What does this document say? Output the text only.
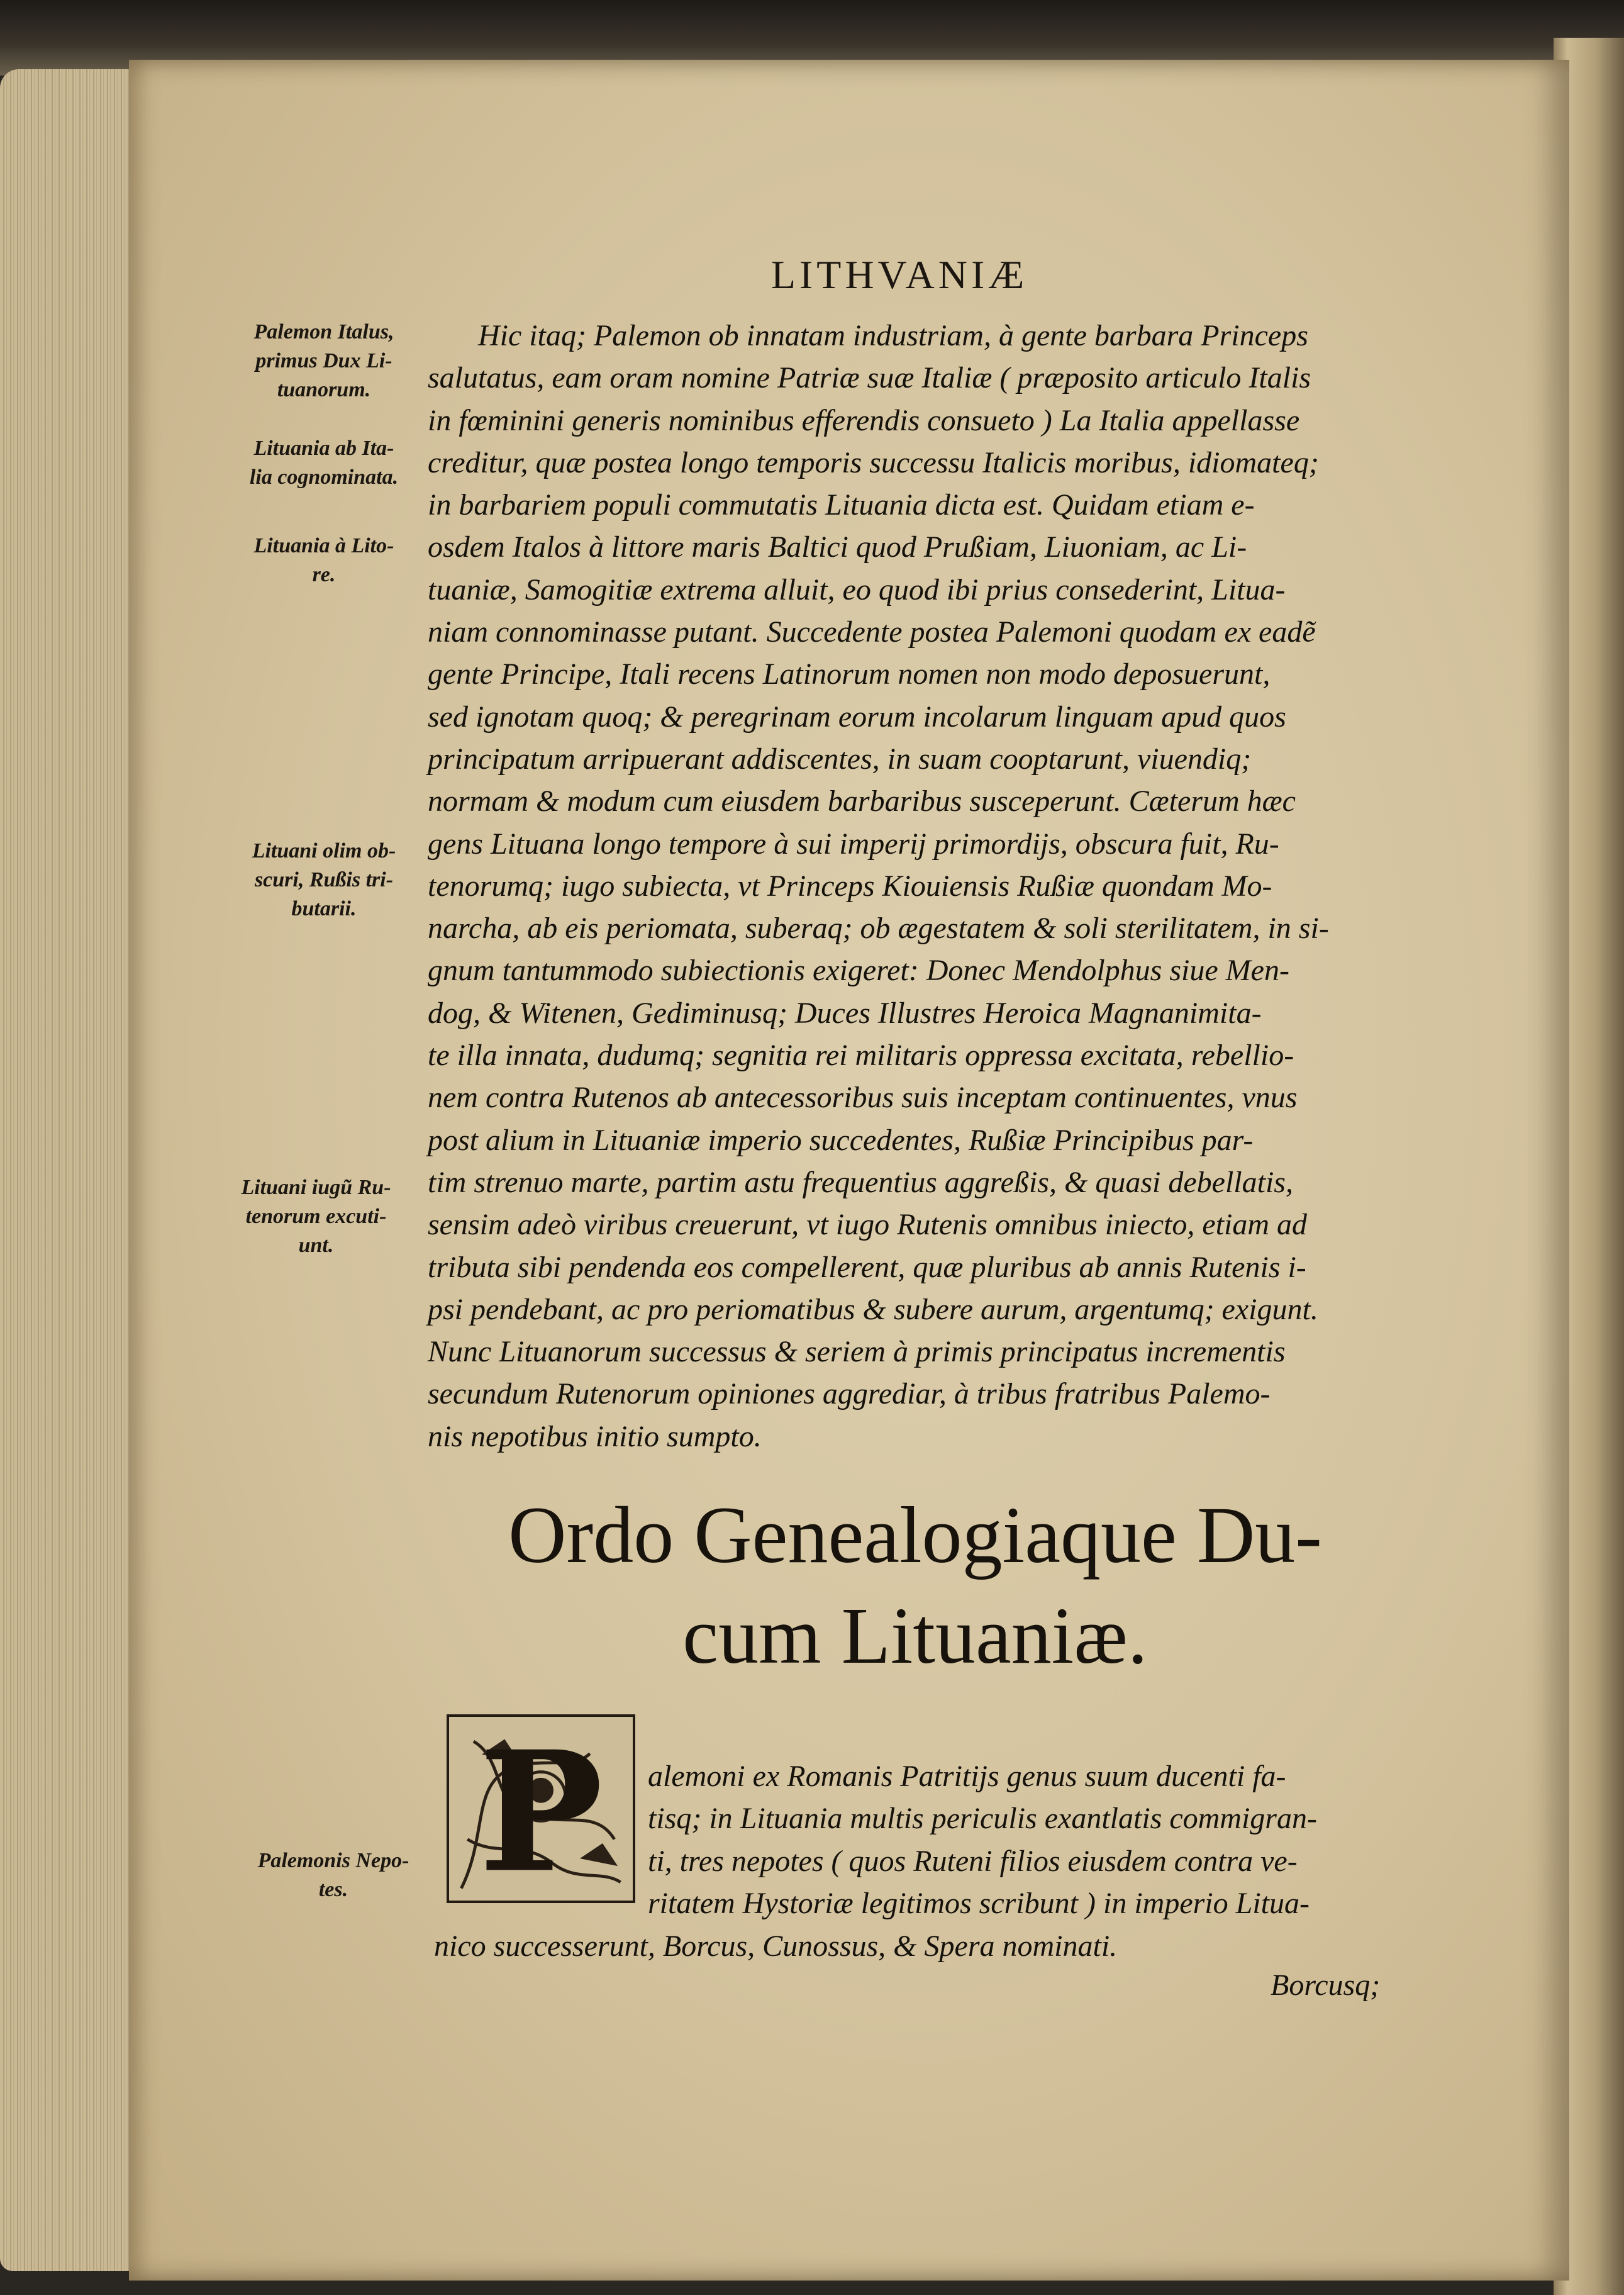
LITHVANIÆ
Palemon Italus,
primus Dux Li-
tuanorum.
Lituania ab Ita-
lia cognominata.
Lituania à Lito-
re.
Lituani olim ob-
scuri, Rußis tri-
butarii.
Lituani iugũ Ru-
tenorum excuti-
unt.
Palemonis Nepo-
tes.
Hic itaq; Palemon ob innatam industriam, à gente barbara Princeps
salutatus, eam oram nomine Patriæ suæ Italiæ ( præposito articulo Italis
in fœminini generis nominibus efferendis consueto ) La Italia appellasse
creditur, quæ postea longo temporis successu Italicis moribus, idiomateq;
in barbariem populi commutatis Lituania dicta est. Quidam etiam e-
osdem Italos à littore maris Baltici quod Prußiam, Liuoniam, ac Li-
tuaniæ, Samogitiæ extrema alluit, eo quod ibi prius consederint, Litua-
niam connominasse putant. Succedente postea Palemoni quodam ex eadẽ
gente Principe, Itali recens Latinorum nomen non modo deposuerunt,
sed ignotam quoq; & peregrinam eorum incolarum linguam apud quos
principatum arripuerant addiscentes, in suam cooptarunt, viuendiq;
normam & modum cum eiusdem barbaribus susceperunt. Cæterum hæc
gens Lituana longo tempore à sui imperij primordijs, obscura fuit, Ru-
tenorumq; iugo subiecta, vt Princeps Kiouiensis Rußiæ quondam Mo-
narcha, ab eis periomata, suberaq; ob ægestatem & soli sterilitatem, in si-
gnum tantummodo subiectionis exigeret: Donec Mendolphus siue Men-
dog, & Witenen, Gediminusq; Duces Illustres Heroica Magnanimita-
te illa innata, dudumq; segnitia rei militaris oppressa excitata, rebellio-
nem contra Rutenos ab antecessoribus suis inceptam continuentes, vnus
post alium in Lituaniæ imperio succedentes, Rußiæ Principibus par-
tim strenuo marte, partim astu frequentius aggreßis, & quasi debellatis,
sensim adeò viribus creuerunt, vt iugo Rutenis omnibus iniecto, etiam ad
tributa sibi pendenda eos compellerent, quæ pluribus ab annis Rutenis i-
psi pendebant, ac pro periomatibus & subere aurum, argentumq; exigunt.
Nunc Lituanorum successus & seriem à primis principatus incrementis
secundum Rutenorum opiniones aggrediar, à tribus fratribus Palemo-
nis nepotibus initio sumpto.
Ordo Genealogiaque Du-
cum Lituaniæ.
P alemoni ex Romanis Patritijs genus suum ducenti fa-
tisq; in Lituania multis periculis exantlatis commigran-
ti, tres nepotes ( quos Ruteni filios eiusdem contra ve-
ritatem Hystoriæ legitimos scribunt ) in imperio Litua-
nico successerunt, Borcus, Cunossus, & Spera nominati.
Borcusq;
